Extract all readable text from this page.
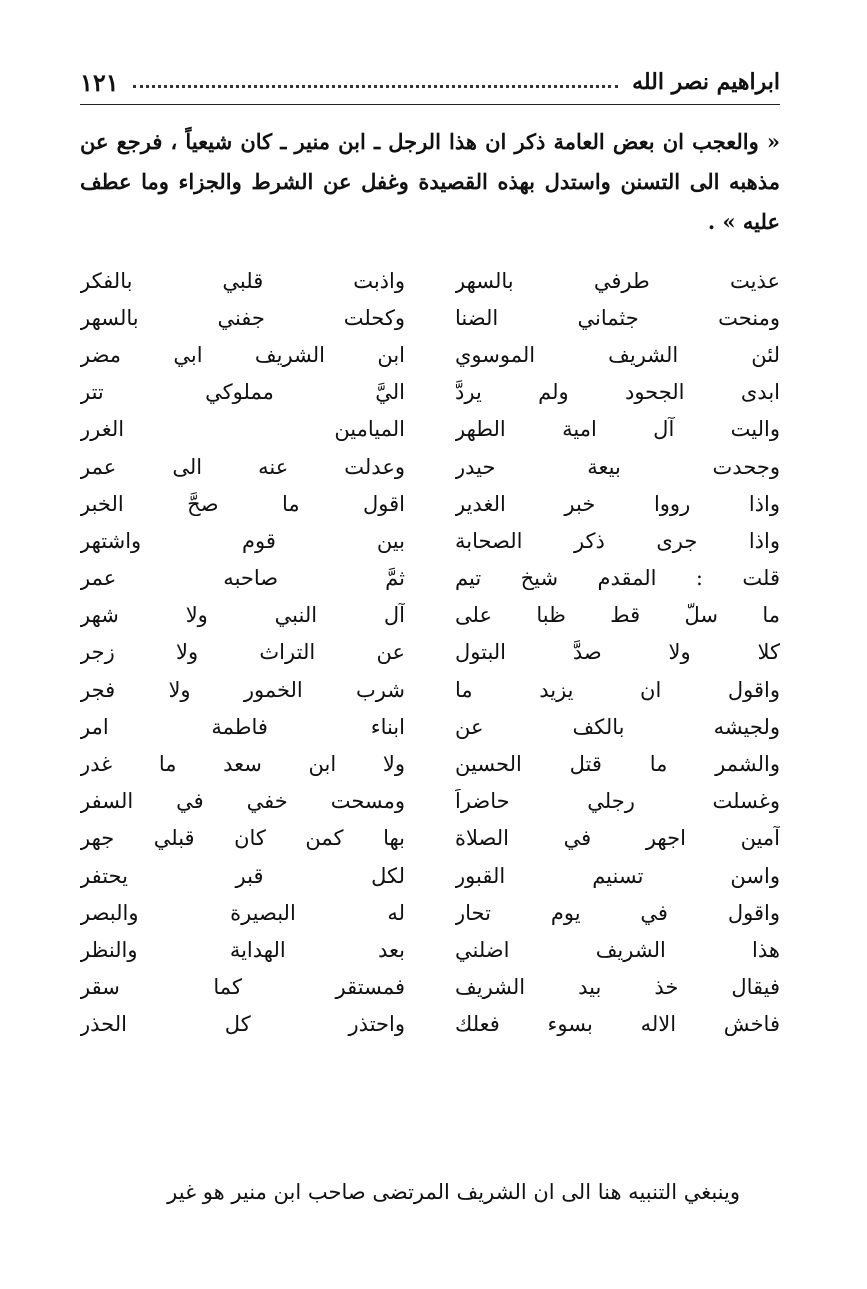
ابراهيم نصر الله
١٢١

« والعجب ان بعض العامة ذكر ان هذا الرجل ـ ابن منير ـ كان شيعياً ، فرجع عن مذهبه الى التسنن واستدل بهذه القصيدة وغفل عن الشرط والجزاء وما عطف عليه » .

عذيت طرفي بالسهر
واذبت قلبي بالفكر
ومنحت جثماني الضنا
وكحلت جفني بالسهر
لئن الشريف الموسوي
ابن الشريف ابي مضر
ابدى الجحود ولم يردَّ
اليَّ مملوكي تتر
واليت آل امية الطهر
الميامين الغرر
وجحدت بيعة حيدرٍ
وعدلت عنه الى عمر
واذا رووا خبر الغدير
اقول ما صحَّ الخبر
واذا جرى ذكر الصحابة
بين قوم واشتهر
قلت : المقدم شيخ تيمٍ
ثمَّ صاحبه عمر
ما سلَّ قط ظبا على
آل النبي ولا شهر
كلا ولا صدَّ البتول
عن التراث ولا زجر
واقول ان يزيد ما
شرب الخمور ولا فجر
ولجيشه بالكف عن
ابناء فاطمة امر
والشمر ما قتل الحسين
ولا ابن سعد ما غدر
وغسلت رجلي حاضراً
ومسحت خفي في السفر
آمين اجهر في الصلاة
بها كمن كان قبلي جهر
واسن تسنيم القبور
لكل قبرٍ يحتفر
واقول في يوم تحار
له البصيرة والبصر
هذا الشريف اضلني
بعد الهداية والنظر
فيقال خذ بيد الشريف
فمستقر كما سقر
فاخش الاله بسوء فعلك
واحتذر كل الحذر
وينبغي التنبيه هنا الى ان الشريف المرتضى صاحب ابن منير هو غير
